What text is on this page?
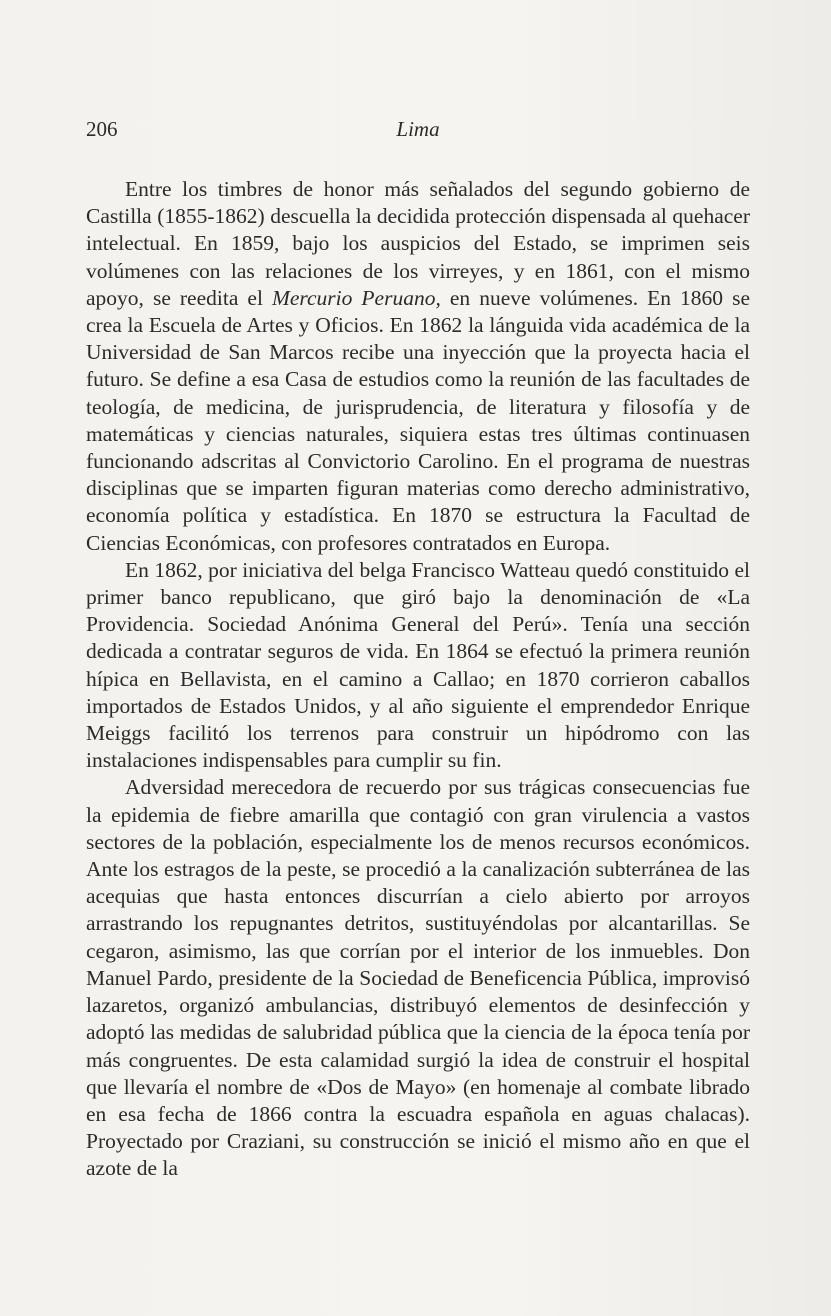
206	Lima

Entre los timbres de honor más señalados del segundo gobierno de Castilla (1855-1862) descuella la decidida protección dispensada al quehacer intelectual. En 1859, bajo los auspicios del Estado, se imprimen seis volúmenes con las relaciones de los virreyes, y en 1861, con el mismo apoyo, se reedita el Mercurio Peruano, en nueve volúmenes. En 1860 se crea la Escuela de Artes y Oficios. En 1862 la lánguida vida académica de la Universidad de San Marcos recibe una inyección que la proyecta hacia el futuro. Se define a esa Casa de estudios como la reunión de las facultades de teología, de medicina, de jurisprudencia, de literatura y filosofía y de matemáticas y ciencias naturales, siquiera estas tres últimas continuasen funcionando adscritas al Convictorio Carolino. En el programa de nuestras disciplinas que se imparten figuran materias como derecho administrativo, economía política y estadística. En 1870 se estructura la Facultad de Ciencias Económicas, con profesores contratados en Europa.

En 1862, por iniciativa del belga Francisco Watteau quedó constituido el primer banco republicano, que giró bajo la denominación de «La Providencia. Sociedad Anónima General del Perú». Tenía una sección dedicada a contratar seguros de vida. En 1864 se efectuó la primera reunión hípica en Bellavista, en el camino a Callao; en 1870 corrieron caballos importados de Estados Unidos, y al año siguiente el emprendedor Enrique Meiggs facilitó los terrenos para construir un hipódromo con las instalaciones indispensables para cumplir su fin.

Adversidad merecedora de recuerdo por sus trágicas consecuencias fue la epidemia de fiebre amarilla que contagió con gran virulencia a vastos sectores de la población, especialmente los de menos recursos económicos. Ante los estragos de la peste, se procedió a la canalización subterránea de las acequias que hasta entonces discurrían a cielo abierto por arroyos arrastrando los repugnantes detritos, sustituyéndolas por alcantarillas. Se cegaron, asimismo, las que corrían por el interior de los inmuebles. Don Manuel Pardo, presidente de la Sociedad de Beneficencia Pública, improvisó lazaretos, organizó ambulancias, distribuyó elementos de desinfección y adoptó las medidas de salubridad pública que la ciencia de la época tenía por más congruentes. De esta calamidad surgió la idea de construir el hospital que llevaría el nombre de «Dos de Mayo» (en homenaje al combate librado en esa fecha de 1866 contra la escuadra española en aguas chalacas). Proyectado por Craziani, su construcción se inició el mismo año en que el azote de la
